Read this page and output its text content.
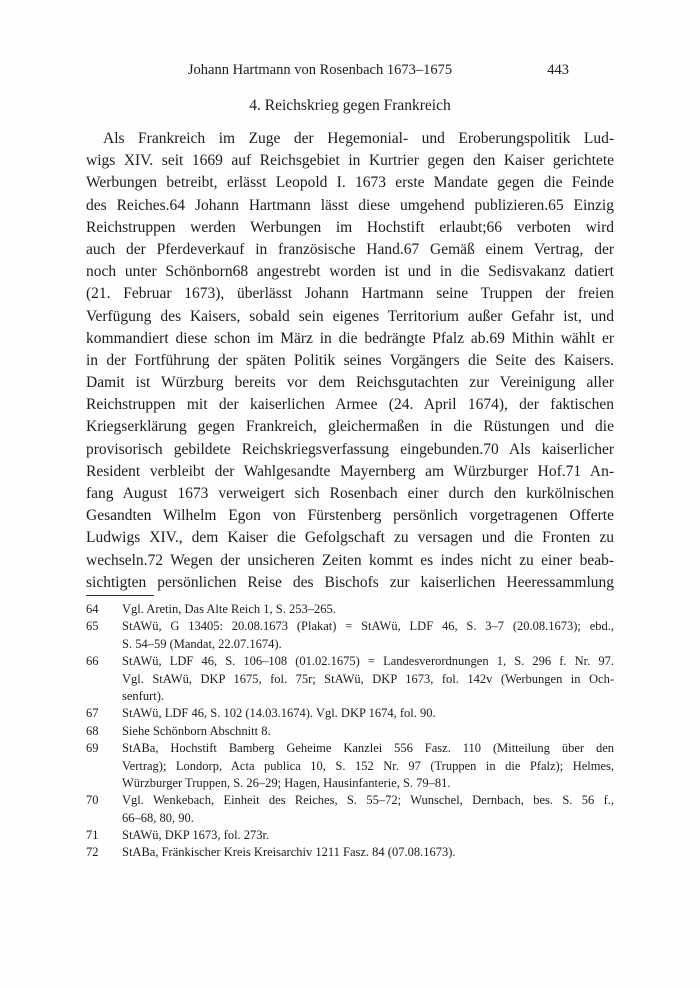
Johann Hartmann von Rosenbach 1673–1675	443
4. Reichskrieg gegen Frankreich
Als Frankreich im Zuge der Hegemonial- und Eroberungspolitik Lud-
wigs XIV. seit 1669 auf Reichsgebiet in Kurtrier gegen den Kaiser gerichtete
Werbungen betreibt, erlässt Leopold I. 1673 erste Mandate gegen die Feinde
des Reiches.64 Johann Hartmann lässt diese umgehend publizieren.65 Einzig
Reichstruppen werden Werbungen im Hochstift erlaubt;66 verboten wird
auch der Pferdeverkauf in französische Hand.67 Gemäß einem Vertrag, der
noch unter Schönborn68 angestrebt worden ist und in die Sedisvakanz datiert
(21. Februar 1673), überlässt Johann Hartmann seine Truppen der freien
Verfügung des Kaisers, sobald sein eigenes Territorium außer Gefahr ist, und
kommandiert diese schon im März in die bedrängte Pfalz ab.69 Mithin wählt er
in der Fortführung der späten Politik seines Vorgängers die Seite des Kaisers.
Damit ist Würzburg bereits vor dem Reichsgutachten zur Vereinigung aller
Reichstruppen mit der kaiserlichen Armee (24. April 1674), der faktischen
Kriegserklärung gegen Frankreich, gleichermaßen in die Rüstungen und die
provisorisch gebildete Reichskriegsverfassung eingebunden.70 Als kaiserlicher
Resident verbleibt der Wahlgesandte Mayernberg am Würzburger Hof.71 An-
fang August 1673 verweigert sich Rosenbach einer durch den kurkölnischen
Gesandten Wilhelm Egon von Fürstenberg persönlich vorgetragenen Offerte
Ludwigs XIV., dem Kaiser die Gefolgschaft zu versagen und die Fronten zu
wechseln.72 Wegen der unsicheren Zeiten kommt es indes nicht zu einer beab-
sichtigten persönlichen Reise des Bischofs zur kaiserlichen Heeressammlung
64 Vgl. Aretin, Das Alte Reich 1, S. 253–265.
65 StAWü, G 13405: 20.08.1673 (Plakat) = StAWü, LDF 46, S. 3–7 (20.08.1673); ebd.,
S. 54–59 (Mandat, 22.07.1674).
66 StAWü, LDF 46, S. 106–108 (01.02.1675) = Landesverordnungen 1, S. 296 f. Nr. 97.
Vgl. StAWü, DKP 1675, fol. 75r; StAWü, DKP 1673, fol. 142v (Werbungen in Och-
senfurt).
67 StAWü, LDF 46, S. 102 (14.03.1674). Vgl. DKP 1674, fol. 90.
68 Siehe Schönborn Abschnitt 8.
69 StABa, Hochstift Bamberg Geheime Kanzlei 556 Fasz. 110 (Mitteilung über den
Vertrag); Londorp, Acta publica 10, S. 152 Nr. 97 (Truppen in die Pfalz); Helmes,
Würzburger Truppen, S. 26–29; Hagen, Hausinfanterie, S. 79–81.
70 Vgl. Wenkebach, Einheit des Reiches, S. 55–72; Wunschel, Dernbach, bes. S. 56 f.,
66–68, 80, 90.
71 StAWü, DKP 1673, fol. 273r.
72 StABa, Fränkischer Kreis Kreisarchiv 1211 Fasz. 84 (07.08.1673).
